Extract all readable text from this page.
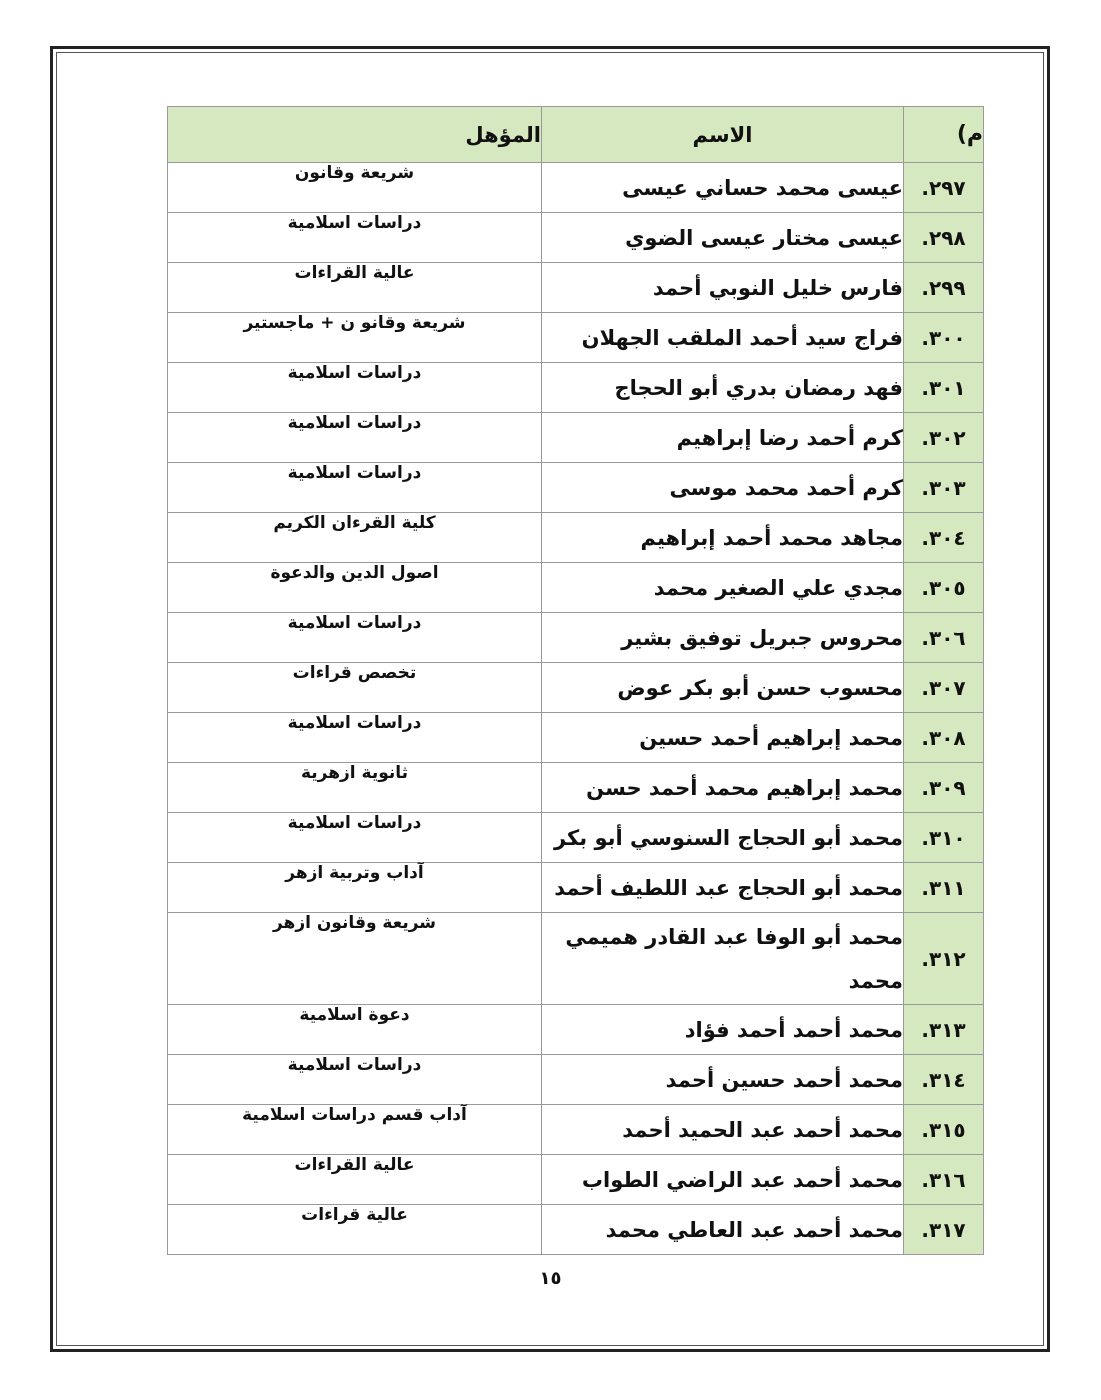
م)	الاسم	المؤهل
٢٩٧.	عيسى محمد حساني عيسى	شريعة وقانون
٢٩٨.	عيسى مختار عيسى الضوي	دراسات اسلامية
٢٩٩.	فارس خليل النوبي أحمد	عالية القراءات
٣٠٠.	فراج سيد أحمد الملقب الجهلان	شريعة وقانو ن + ماجستير
٣٠١.	فهد رمضان بدري أبو الحجاج	دراسات اسلامية
٣٠٢.	كرم أحمد رضا إبراهيم	دراسات اسلامية
٣٠٣.	كرم أحمد محمد موسى	دراسات اسلامية
٣٠٤.	مجاهد محمد أحمد إبراهيم	كلية القرءان الكريم
٣٠٥.	مجدي علي الصغير محمد	اصول الدين والدعوة
٣٠٦.	محروس جبريل توفيق بشير	دراسات اسلامية
٣٠٧.	محسوب حسن أبو بكر عوض	تخصص قراءات
٣٠٨.	محمد إبراهيم أحمد حسين	دراسات اسلامية
٣٠٩.	محمد إبراهيم محمد أحمد حسن	ثانوية ازهرية
٣١٠.	محمد أبو الحجاج السنوسي أبو بكر	دراسات اسلامية
٣١١.	محمد أبو الحجاج عبد اللطيف أحمد	آداب وتربية ازهر
٣١٢.	محمد أبو الوفا عبد القادر هميمي محمد	شريعة وقانون ازهر
٣١٣.	محمد أحمد أحمد فؤاد	دعوة اسلامية
٣١٤.	محمد أحمد حسين أحمد	دراسات اسلامية
٣١٥.	محمد أحمد عبد الحميد أحمد	آداب قسم دراسات اسلامية
٣١٦.	محمد أحمد عبد الراضي الطواب	عالية القراءات
٣١٧.	محمد أحمد عبد العاطي محمد	عالية قراءات
١٥
